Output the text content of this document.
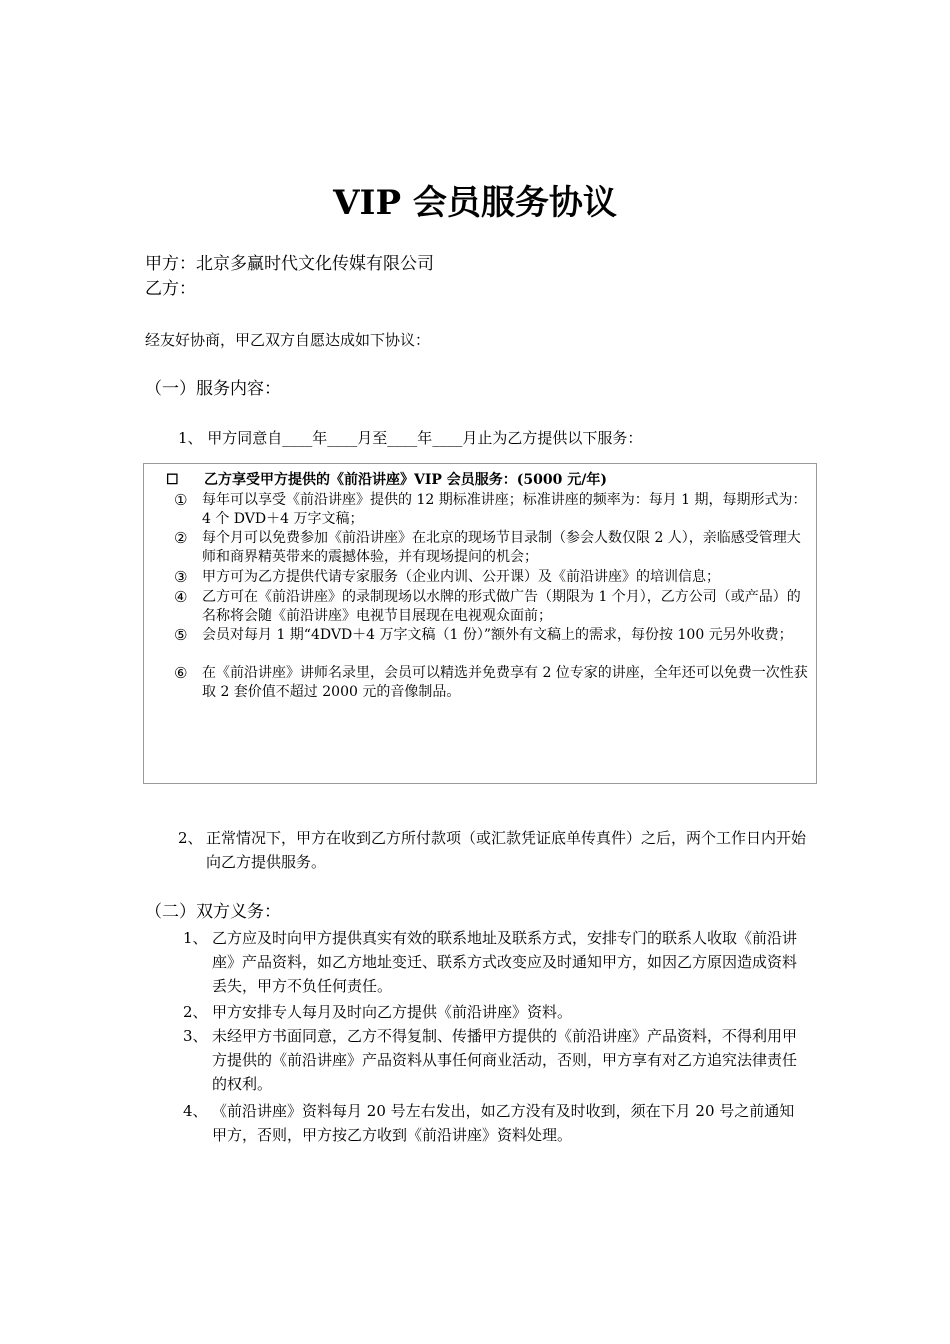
VIP 会员服务协议
甲方：北京多赢时代文化传媒有限公司
乙方：
经友好协商，甲乙双方自愿达成如下协议：
（一）服务内容：
1、 甲方同意自____年____月至____年____月止为乙方提供以下服务：
☐ 乙方享受甲方提供的《前沿讲座》VIP 会员服务：(5000 元/年)
①	每年可以享受《前沿讲座》提供的 12 期标准讲座；标准讲座的频率为：每月 1 期，每期形式为：4 个 DVD＋4 万字文稿；
②	每个月可以免费参加《前沿讲座》在北京的现场节目录制（参会人数仅限 2 人），亲临感受管理大师和商界精英带来的震撼体验，并有现场提问的机会；
③	甲方可为乙方提供代请专家服务（企业内训、公开课）及《前沿讲座》的培训信息；
④	乙方可在《前沿讲座》的录制现场以水牌的形式做广告（期限为 1 个月），乙方公司（或产品）的名称将会随《前沿讲座》电视节目展现在电视观众面前；
⑤	会员对每月 1 期“4DVD＋4 万字文稿（1 份）”额外有文稿上的需求，每份按 100 元另外收费；
⑥	在《前沿讲座》讲师名录里，会员可以精选并免费享有 2 位专家的讲座，全年还可以免费一次性获取 2 套价值不超过 2000 元的音像制品。
2、 正常情况下，甲方在收到乙方所付款项（或汇款凭证底单传真件）之后，两个工作日内开始向乙方提供服务。
（二）双方义务：
1、 乙方应及时向甲方提供真实有效的联系地址及联系方式，安排专门的联系人收取《前沿讲座》产品资料，如乙方地址变迁、联系方式改变应及时通知甲方，如因乙方原因造成资料丢失，甲方不负任何责任。
2、 甲方安排专人每月及时向乙方提供《前沿讲座》资料。
3、 未经甲方书面同意，乙方不得复制、传播甲方提供的《前沿讲座》产品资料，不得利用甲方提供的《前沿讲座》产品资料从事任何商业活动，否则，甲方享有对乙方追究法律责任的权利。
4、 《前沿讲座》资料每月 20 号左右发出，如乙方没有及时收到，须在下月 20 号之前通知甲方，否则，甲方按乙方收到《前沿讲座》资料处理。
